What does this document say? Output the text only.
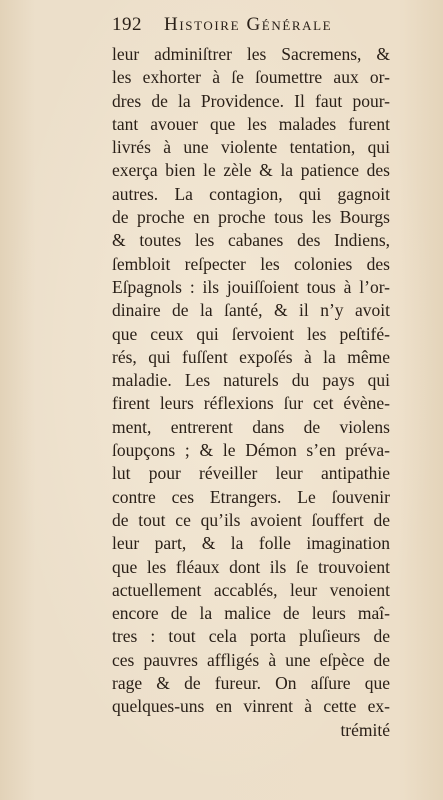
192 Histoire Générale
leur adminiſtrer les Sacremens, &
les exhorter à ſe ſoumettre aux or-
dres de la Providence. Il faut pour-
tant avouer que les malades furent
livrés à une violente tentation, qui
exerça bien le zèle & la patience des
autres. La contagion, qui gagnoit
de proche en proche tous les Bourgs
& toutes les cabanes des Indiens,
ſembloit reſpecter les colonies des
Eſpagnols : ils jouiſſoient tous à l’or-
dinaire de la ſanté, & il n’y avoit
que ceux qui ſervoient les peſtifé-
rés, qui fuſſent expoſés à la même
maladie. Les naturels du pays qui
firent leurs réflexions ſur cet évène-
ment, entrerent dans de violens
ſoupçons ; & le Démon s’en préva-
lut pour réveiller leur antipathie
contre ces Etrangers. Le ſouvenir
de tout ce qu’ils avoient ſouffert de
leur part, & la folle imagination
que les fléaux dont ils ſe trouvoient
actuellement accablés, leur venoient
encore de la malice de leurs maî-
tres : tout cela porta pluſieurs de
ces pauvres affligés à une eſpèce de
rage & de fureur. On aſſure que
quelques-uns en vinrent à cette ex-
trémité
